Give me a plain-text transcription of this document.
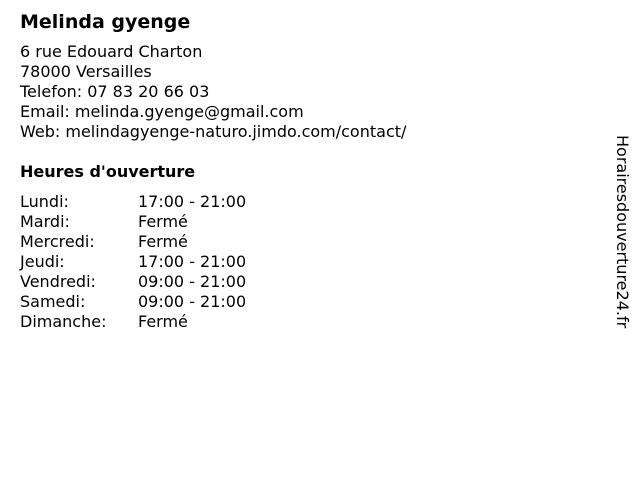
Melinda gyenge
6 rue Edouard Charton
78000 Versailles
Telefon: 07 83 20 66 03
Email: melinda.gyenge@gmail.com
Web: melindagyenge-naturo.jimdo.com/contact/
Heures d'ouverture
Lundi:	17:00 - 21:00
Mardi:	Fermé
Mercredi:	Fermé
Jeudi:	17:00 - 21:00
Vendredi:	09:00 - 21:00
Samedi:	09:00 - 21:00
Dimanche: Fermé	Horairesdouverture24.fr
